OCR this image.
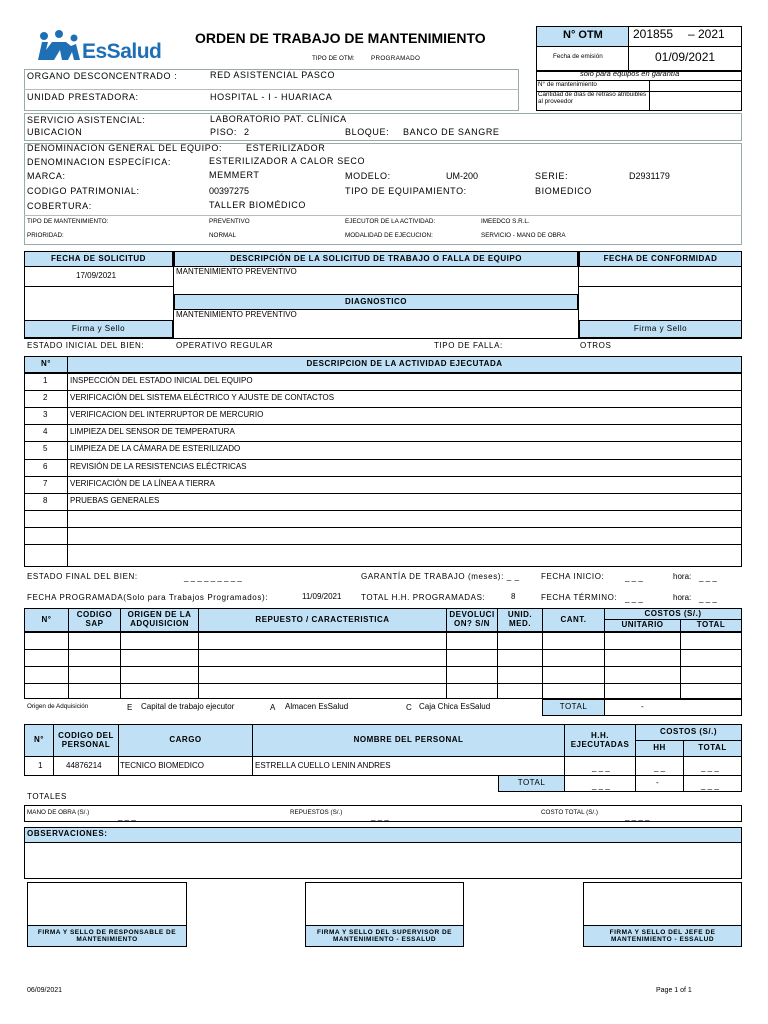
EsSalud
ORDEN DE TRABAJO DE MANTENIMIENTO
TIPO DE OTM:	PROGRAMADO
N° OTM	201855 – 2021
Fecha de emisión	01/09/2021
solo para equipos en garantía
N° de mantenimiento
Cantidad de días de retraso atribuibles al proveedor
ORGANO DESCONCENTRADO :	RED ASISTENCIAL PASCO
UNIDAD PRESTADORA:	HOSPITAL - I - HUARIACA
SERVICIO ASISTENCIAL:	LABORATORIO PAT. CLÍNICA
UBICACION	PISO: 2	BLOQUE: BANCO DE SANGRE
DENOMINACION GENERAL DEL EQUIPO:	ESTERILIZADOR
DENOMINACION ESPECÍFICA:	ESTERILIZADOR A CALOR SECO
MARCA:	MEMMERT	MODELO:	UM-200	SERIE:	D2931179
CODIGO PATRIMONIAL:	00397275	TIPO DE EQUIPAMIENTO:	BIOMEDICO
COBERTURA:	TALLER BIOMÉDICO
TIPO DE MANTENIMIENTO:	PREVENTIVO	EJECUTOR DE LA ACTIVIDAD:	IMEEDCO S.R.L.
PRIORIDAD:	NORMAL	MODALIDAD DE EJECUCION:	SERVICIO - MANO DE OBRA
FECHA DE SOLICITUD	DESCRIPCIÓN DE LA SOLICITUD DE TRABAJO O FALLA DE EQUIPO	FECHA DE CONFORMIDAD
17/09/2021	MANTENIMIENTO PREVENTIVO
DIAGNOSTICO
MANTENIMIENTO PREVENTIVO
Firma y Sello	Firma y Sello
ESTADO INICIAL DEL BIEN:	OPERATIVO REGULAR	TIPO DE FALLA:	OTROS
N°	DESCRIPCION DE LA ACTIVIDAD EJECUTADA
1	INSPECCIÓN DEL ESTADO INICIAL DEL EQUIPO
2	VERIFICACIÓN DEL SISTEMA ELÉCTRICO Y AJUSTE DE CONTACTOS
3	VERIFICACION DEL INTERRUPTOR DE MERCURIO
4	LIMPIEZA DEL SENSOR DE TEMPERATURA
5	LIMPIEZA DE LA CÁMARA DE ESTERILIZADO
6	REVISIÓN DE LA RESISTENCIAS ELÉCTRICAS
7	VERIFICACIÓN DE LA LÍNEA A TIERRA
8	PRUEBAS GENERALES
ESTADO FINAL DEL BIEN:	_ _ _ _ _ _ _ _ _	GARANTÍA DE TRABAJO (meses): _ _	FECHA INICIO:	_ _ _	hora: _ _ _
FECHA PROGRAMADA(Solo para Trabajos Programados):	11/09/2021 TOTAL H.H. PROGRAMADAS:	8	FECHA TÉRMINO: _ _ _	hora: _ _ _
N°	CODIGO SAP
ORIGEN DE LA ADQUISICION	REPUESTO / CARACTERISTICA	DEVOLUCI ON? S/N
UNID. MED.	CANT.
COSTOS (S/.)
UNITARIO	TOTAL
Origen de Adquisición	E Capital de trabajo ejecutor	A Almacen EsSalud	C Caja Chica EsSalud	TOTAL	-
N°	CODIGO DEL PERSONAL	CARGO	NOMBRE DEL PERSONAL	H.H. EJECUTADAS
COSTOS (S/.)
HH	TOTAL
1	44876214 TECNICO BIOMEDICO	ESTRELLA CUELLO LENIN ANDRES	_ _ _	_ _	_ _ _
TOTAL	_ _ _	-	_ _ _
TOTALES
MANO DE OBRA (S/.)	_ _ _	REPUESTOS (S/.)	_ _ _	COSTO TOTAL (S/.)	_ _ _ _
OBSERVACIONES:
FIRMA Y SELLO DE RESPONSABLE DE MANTENIMIENTO
FIRMA Y SELLO DEL SUPERVISOR DE MANTENIMIENTO - ESSALUD
FIRMA Y SELLO DEL JEFE DE MANTENIMIENTO - ESSALUD
06/09/2021	Page 1 of 1
